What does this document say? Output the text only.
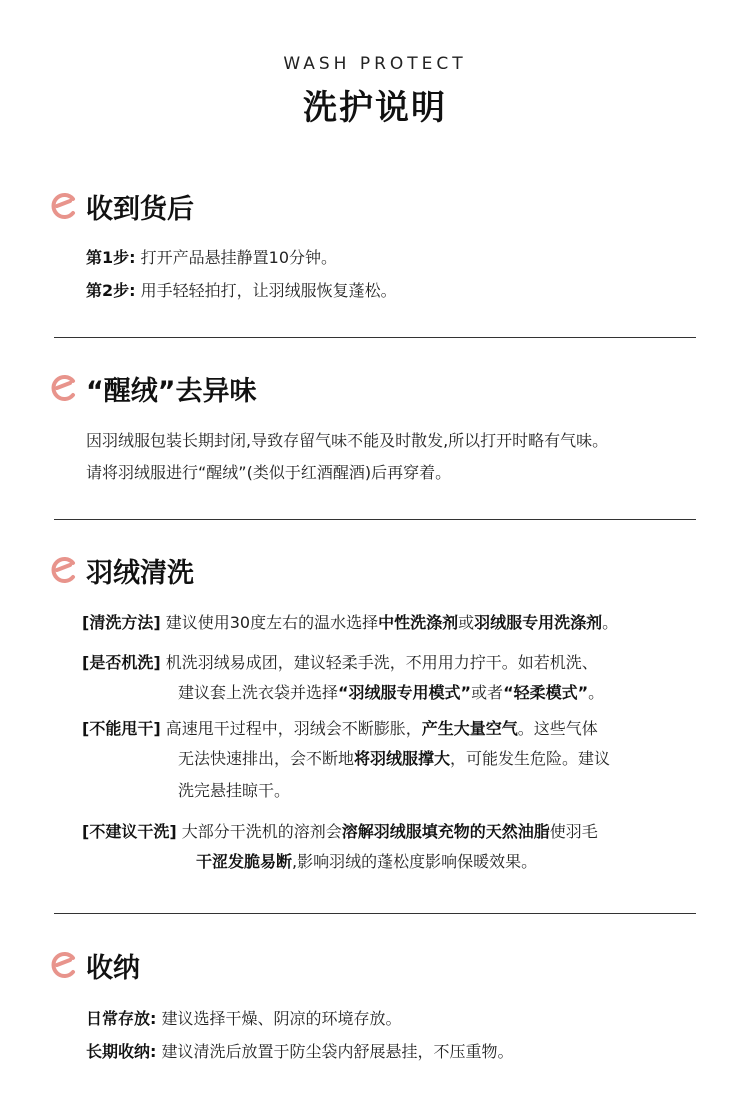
WASH PROTECT
洗护说明
收到货后
第1步: 打开产品悬挂静置10分钟。
第2步: 用手轻轻拍打，让羽绒服恢复蓬松。
“醒绒”去异味
因羽绒服包装长期封闭,导致存留气味不能及时散发,所以打开时略有气味。
请将羽绒服进行“醒绒”(类似于红酒醒酒)后再穿着。
羽绒清洗
[清洗方法] 建议使用30度左右的温水选择中性洗涤剂或羽绒服专用洗涤剂。
[是否机洗] 机洗羽绒易成团，建议轻柔手洗，不用用力拧干。如若机洗、
建议套上洗衣袋并选择“羽绒服专用模式”或者“轻柔模式”。
[不能甩干] 高速甩干过程中，羽绒会不断膨胀，产生大量空气。这些气体
无法快速排出，会不断地将羽绒服撑大，可能发生危险。建议
洗完悬挂晾干。
[不建议干洗] 大部分干洗机的溶剂会溶解羽绒服填充物的天然油脂使羽毛
干涩发脆易断,影响羽绒的蓬松度影响保暖效果。
收纳
日常存放: 建议选择干燥、阴凉的环境存放。
长期收纳: 建议清洗后放置于防尘袋内舒展悬挂，不压重物。
